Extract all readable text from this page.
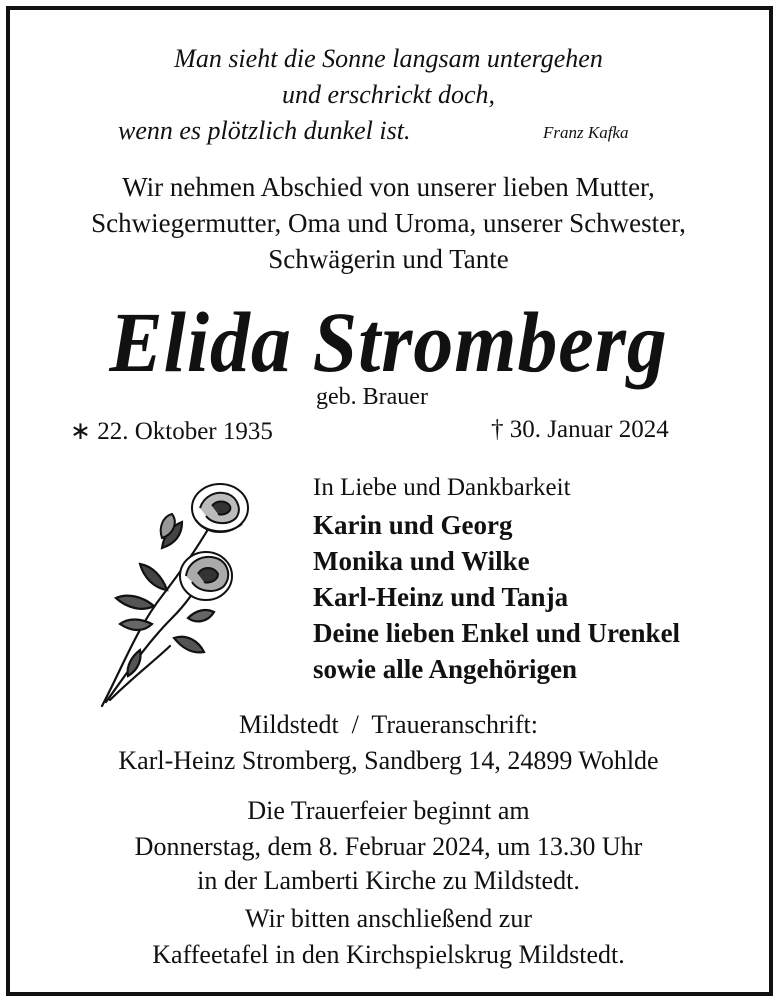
Man sieht die Sonne langsam untergehen
und erschrickt doch,
wenn es plötzlich dunkel ist.	Franz Kafka
Wir nehmen Abschied von unserer lieben Mutter,
Schwiegermutter, Oma und Uroma, unserer Schwester,
Schwägerin und Tante
Elida Stromberg
geb. Brauer
∗ 22. Oktober 1935	† 30. Januar 2024
In Liebe und Dankbarkeit
Karin und Georg
Monika und Wilke
Karl-Heinz und Tanja
Deine lieben Enkel und Urenkel
sowie alle Angehörigen
Mildstedt  /  Traueranschrift:
Karl-Heinz Stromberg, Sandberg 14, 24899 Wohlde
Die Trauerfeier beginnt am
Donnerstag, dem 8. Februar 2024, um 13.30 Uhr
in der Lamberti Kirche zu Mildstedt.
Wir bitten anschließend zur
Kaffeetafel in den Kirchspielskrug Mildstedt.
